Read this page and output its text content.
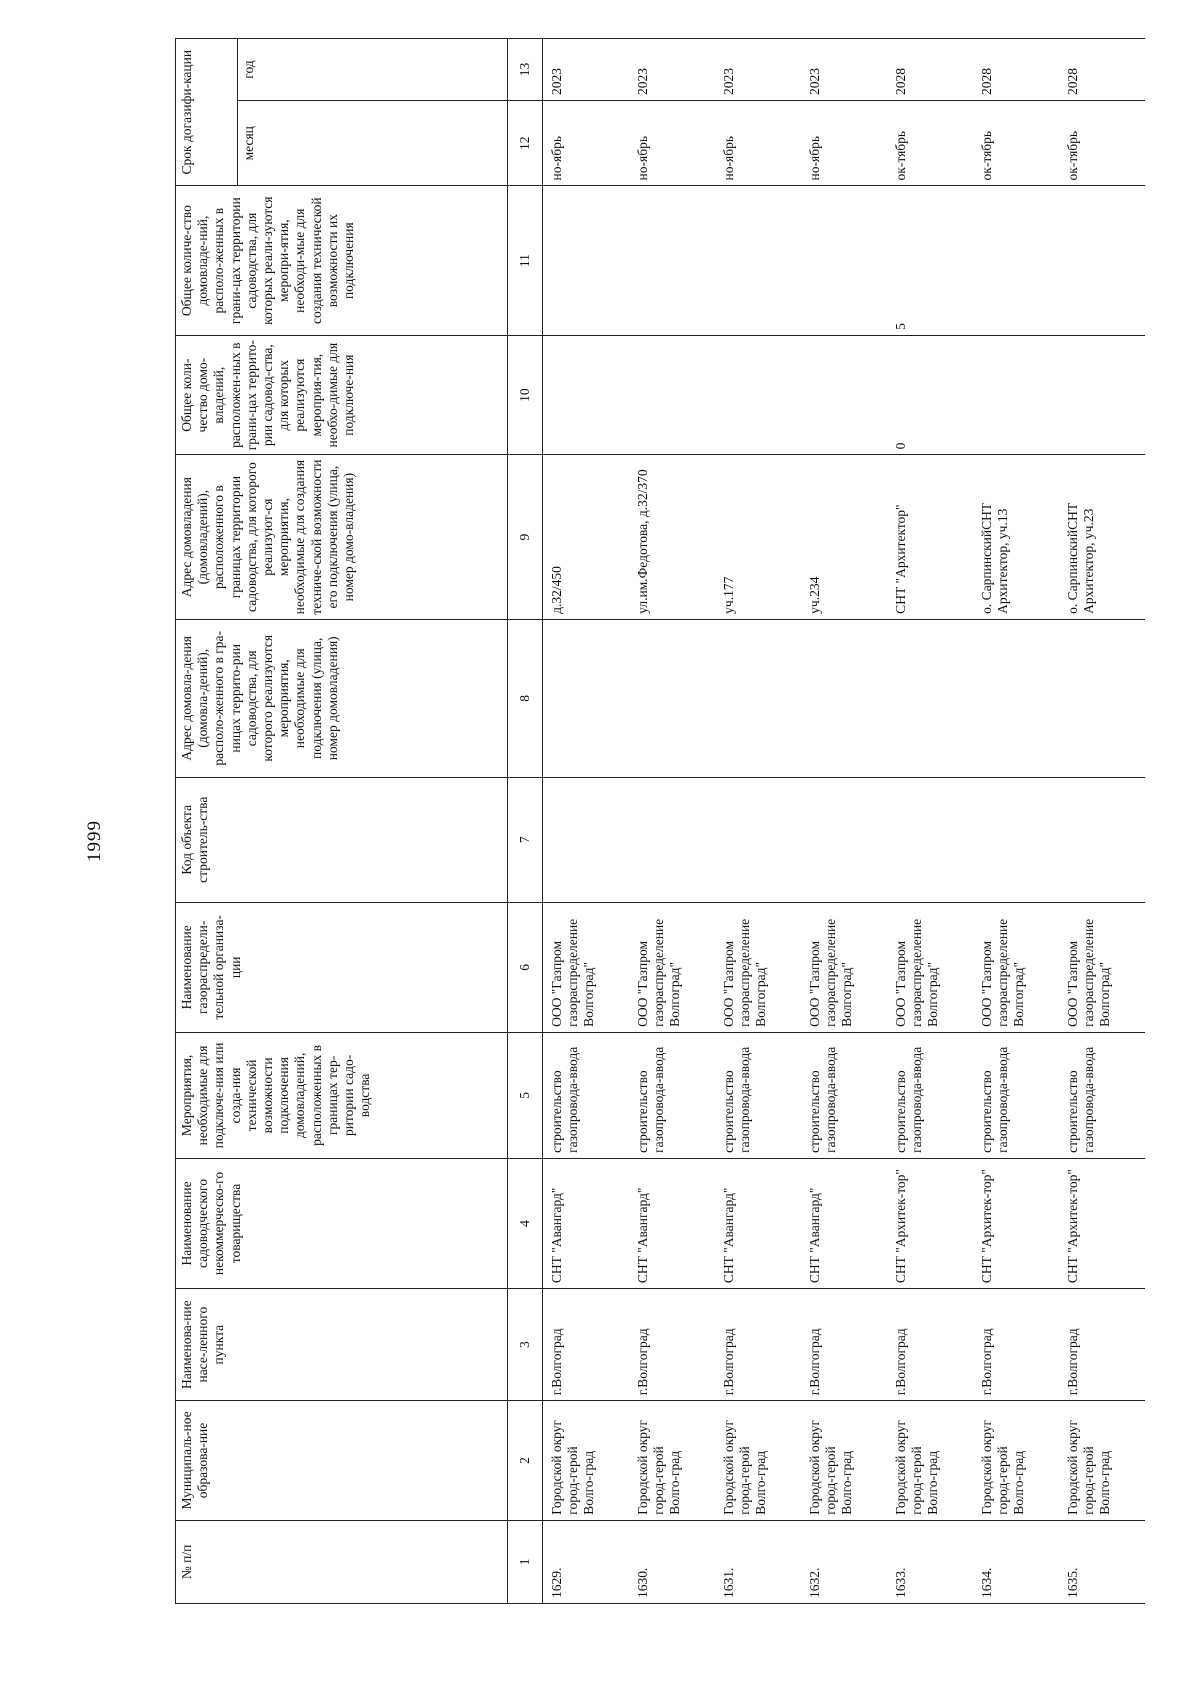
1999
№ п/п	Муниципаль-ное образова-ние	Наименова-ние насе-ленного пункта	Наименование садоводческого некоммерческо-го товарищества	Мероприятия, необходимые для подключе-ния или созда-ния технической возможности подключения домовладений, расположенных в границах тер-ритории садо-водства	Наименование газораспредели-тельной организа-ции	Код объекта строитель-ства	Адрес домовла-дения (домовла-дений), располо-женного в гра-ницах террито-рии садоводства, для которого реализуются мероприятия, необходимые для подключения (улица, номер домовладения)	Адрес домовладения (домовладений), расположенного в границах территории садоводства, для которого реализуют-ся мероприятия, необходимые для создания техниче-ской возможности его подключения (улица, номер домо-владения)	Общее коли-чество домо-владений, расположен-ных в грани-цах террито-рии садовод-ства, для которых реализуются мероприя-тия, необхо-димые для подключе-ния	Общее количе-ство домовладе-ний, располо-женных в грани-цах территории садоводства, для которых реали-зуются меропри-ятия, необходи-мые для создания технической возможности их подключения	Срок догазифи-кации	
											месяц	год
1	2	3	4	5	6	7	8	9	10	11	12	13
1629.	Городской округ город-герой Волго-град	г.Волгоград	СНТ "Авангард"	строительство газопровода-ввода	ООО "Газпром газораспределение Волгоград"			д.32/450			но-ябрь	2023
1630.	Городской округ город-герой Волго-град	г.Волгоград	СНТ "Авангард"	строительство газопровода-ввода	ООО "Газпром газораспределение Волгоград"			ул.им.Федотова, д.32/370			но-ябрь	2023
1631.	Городской округ город-герой Волго-град	г.Волгоград	СНТ "Авангард"	строительство газопровода-ввода	ООО "Газпром газораспределение Волгоград"			уч.177			но-ябрь	2023
1632.	Городской округ город-герой Волго-град	г.Волгоград	СНТ "Авангард"	строительство газопровода-ввода	ООО "Газпром газораспределение Волгоград"			уч.234			но-ябрь	2023
1633.	Городской округ город-герой Волго-град	г.Волгоград	СНТ "Архитек-тор"	строительство газопровода-ввода	ООО "Газпром газораспределение Волгоград"			СНТ "Архитектор"	0	5	ок-тябрь	2028
1634.	Городской округ город-герой Волго-град	г.Волгоград	СНТ "Архитек-тор"	строительство газопровода-ввода	ООО "Газпром газораспределение Волгоград"			о. СарпинскийСНТ Архитектор, уч.13			ок-тябрь	2028
1635.	Городской округ город-герой Волго-град	г.Волгоград	СНТ "Архитек-тор"	строительство газопровода-ввода	ООО "Газпром газораспределение Волгоград"			о. СарпинскийСНТ Архитектор, уч.23			ок-тябрь	2028
